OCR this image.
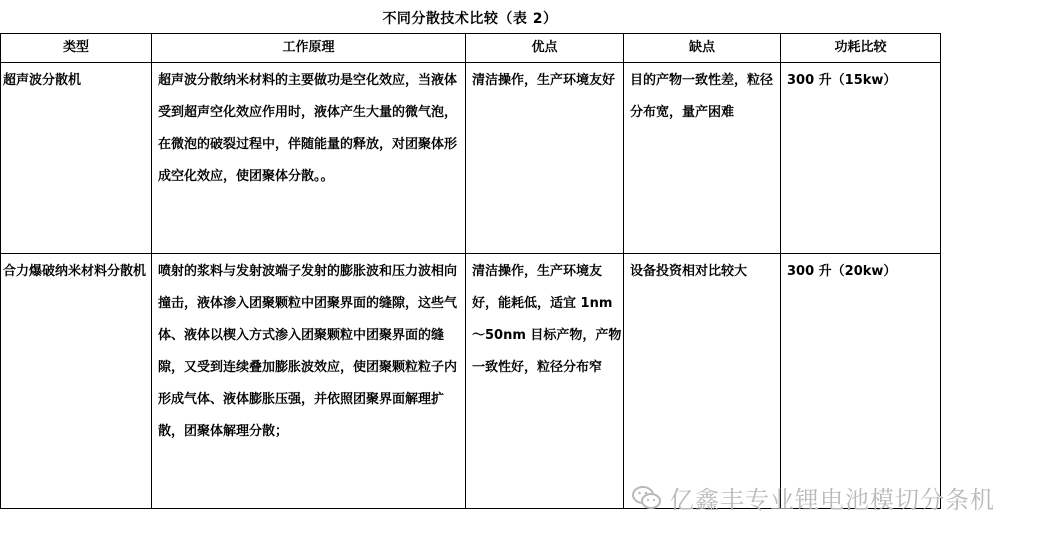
不同分散技术比较（表 2）
类型	工作原理	优点	缺点	功耗比较
超声波分散机	超声波分散纳米材料的主要做功是空化效应，当液体受到超声空化效应作用时，液体产生大量的微气泡，在微泡的破裂过程中，伴随能量的释放，对团聚体形成空化效应，使团聚体分散。。	清洁操作，生产环境友好	目的产物一致性差，粒径分布宽，量产困难	300 升（15kw）
合力爆破纳米材料分散机	喷射的浆料与发射波端子发射的膨胀波和压力波相向撞击，液体渗入团聚颗粒中团聚界面的缝隙，这些气体、液体以楔入方式渗入团聚颗粒中团聚界面的缝隙，又受到连续叠加膨胀波效应，使团聚颗粒粒子内形成气体、液体膨胀压强，并依照团聚界面解理扩散，团聚体解理分散；	清洁操作，生产环境友好，能耗低，适宜 1nm～50nm 目标产物，产物一致性好，粒径分布窄	设备投资相对比较大	300 升（20kw）
亿鑫丰专业锂电池模切分条机
